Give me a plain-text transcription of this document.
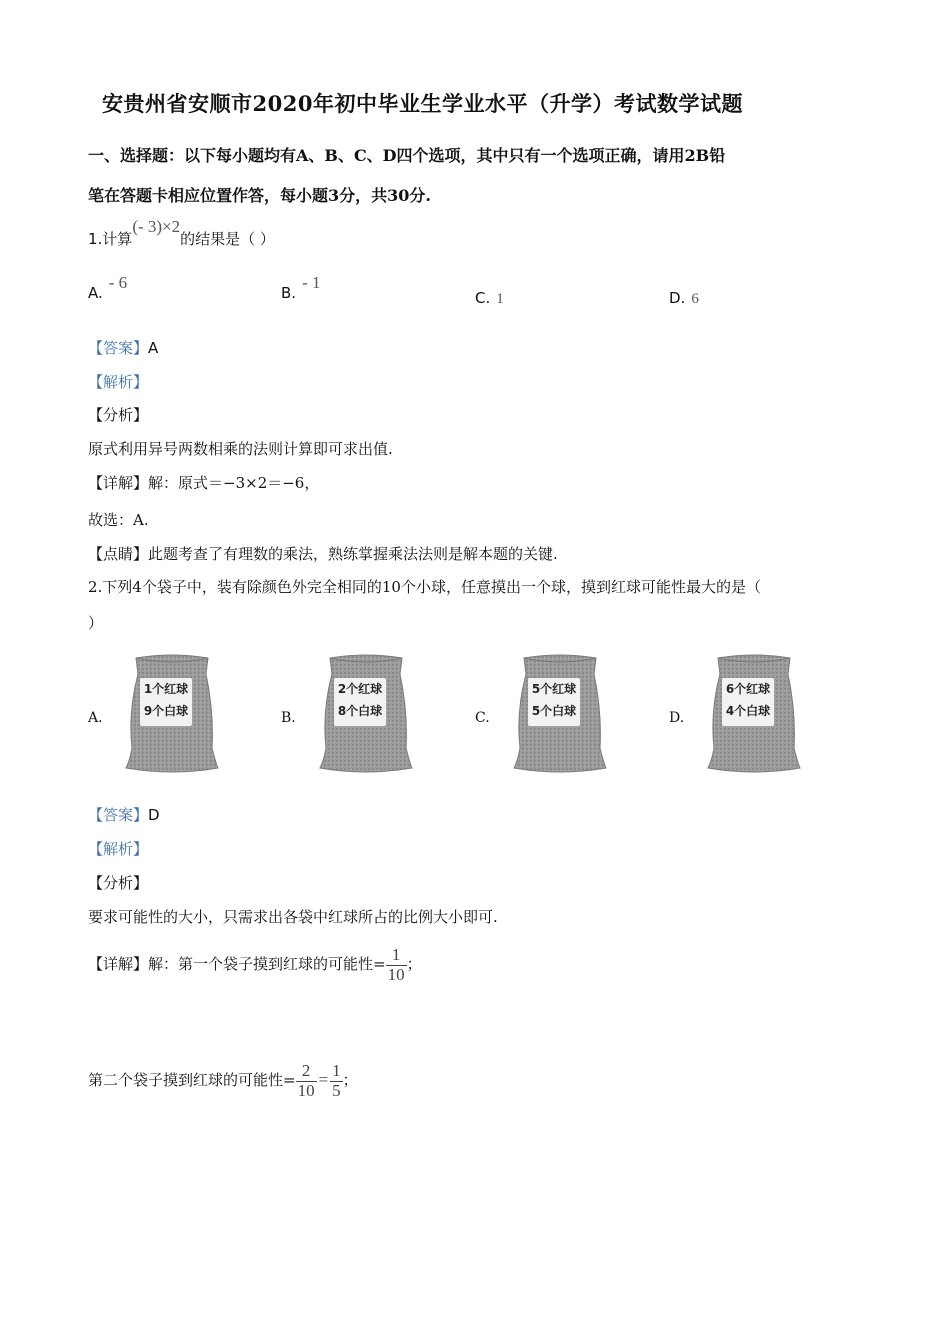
安贵州省安顺市2020年初中毕业生学业水平（升学）考试数学试题
一、选择题：以下每小题均有A、B、C、D四个选项，其中只有一个选项正确，请用2B铅
笔在答题卡相应位置作答，每小题3分，共30分.
1.计算(- 3)×2的结果是（ ）
A.- 6
B.- 1
C. 1	D. 6
【答案】A
【解析】
【分析】
原式利用异号两数相乘的法则计算即可求出值.
【详解】解：原式＝−3×2＝−6，
故选：A.
【点睛】此题考查了有理数的乘法，熟练掌握乘法法则是解本题的关键.
2.下列4个袋子中，装有除颜色外完全相同的10个小球，任意摸出一个球，摸到红球可能性最大的是（
）
A.
1个红球
9个白球	B.
2个红球
8个白球	C.
5个红球
5个白球	D.
6个红球
4个白球
【答案】D
【解析】
【分析】
要求可能性的大小，只需求出各袋中红球所占的比例大小即可.
【详解】解：第一个袋子摸到红球的可能性= $\frac{1}{10}$ ；
第二个袋子摸到红球的可能性= $\frac{2}{10} = \frac{1}{5}$ ；
